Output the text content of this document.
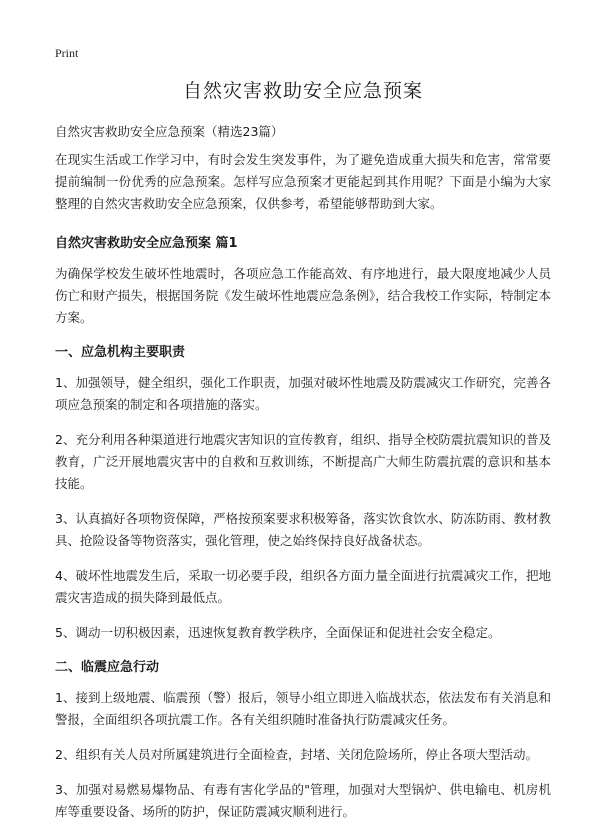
Print
自然灾害救助安全应急预案
自然灾害救助安全应急预案（精选23篇）

在现实生活或工作学习中，有时会发生突发事件，为了避免造成重大损失和危害，常常要提前编制一份优秀的应急预案。怎样写应急预案才更能起到其作用呢？下面是小编为大家整理的自然灾害救助安全应急预案，仅供参考，希望能够帮助到大家。

自然灾害救助安全应急预案 篇1

为确保学校发生破坏性地震时，各项应急工作能高效、有序地进行，最大限度地减少人员伤亡和财产损失，根据国务院《发生破坏性地震应急条例》，结合我校工作实际，特制定本方案。

一、应急机构主要职责

1、加强领导，健全组织，强化工作职责，加强对破坏性地震及防震减灾工作研究，完善各项应急预案的制定和各项措施的落实。

2、充分利用各种渠道进行地震灾害知识的宣传教育，组织、指导全校防震抗震知识的普及教育，广泛开展地震灾害中的自救和互救训练，不断提高广大师生防震抗震的意识和基本技能。

3、认真搞好各项物资保障，严格按预案要求积极筹备，落实饮食饮水、防冻防雨、教材教具、抢险设备等物资落实，强化管理，使之始终保持良好战备状态。

4、破坏性地震发生后，采取一切必要手段，组织各方面力量全面进行抗震减灾工作，把地震灾害造成的损失降到最低点。

5、调动一切积极因素，迅速恢复教育教学秩序，全面保证和促进社会安全稳定。

二、临震应急行动

1、接到上级地震、临震预（警）报后，领导小组立即进入临战状态，依法发布有关消息和警报，全面组织各项抗震工作。各有关组织随时准备执行防震减灾任务。

2、组织有关人员对所属建筑进行全面检查，封堵、关闭危险场所，停止各项大型活动。

3、加强对易燃易爆物品、有毒有害化学品的"管理，加强对大型锅炉、供电输电、机房机库等重要设备、场所的防护，保证防震减灾顺利进行。
